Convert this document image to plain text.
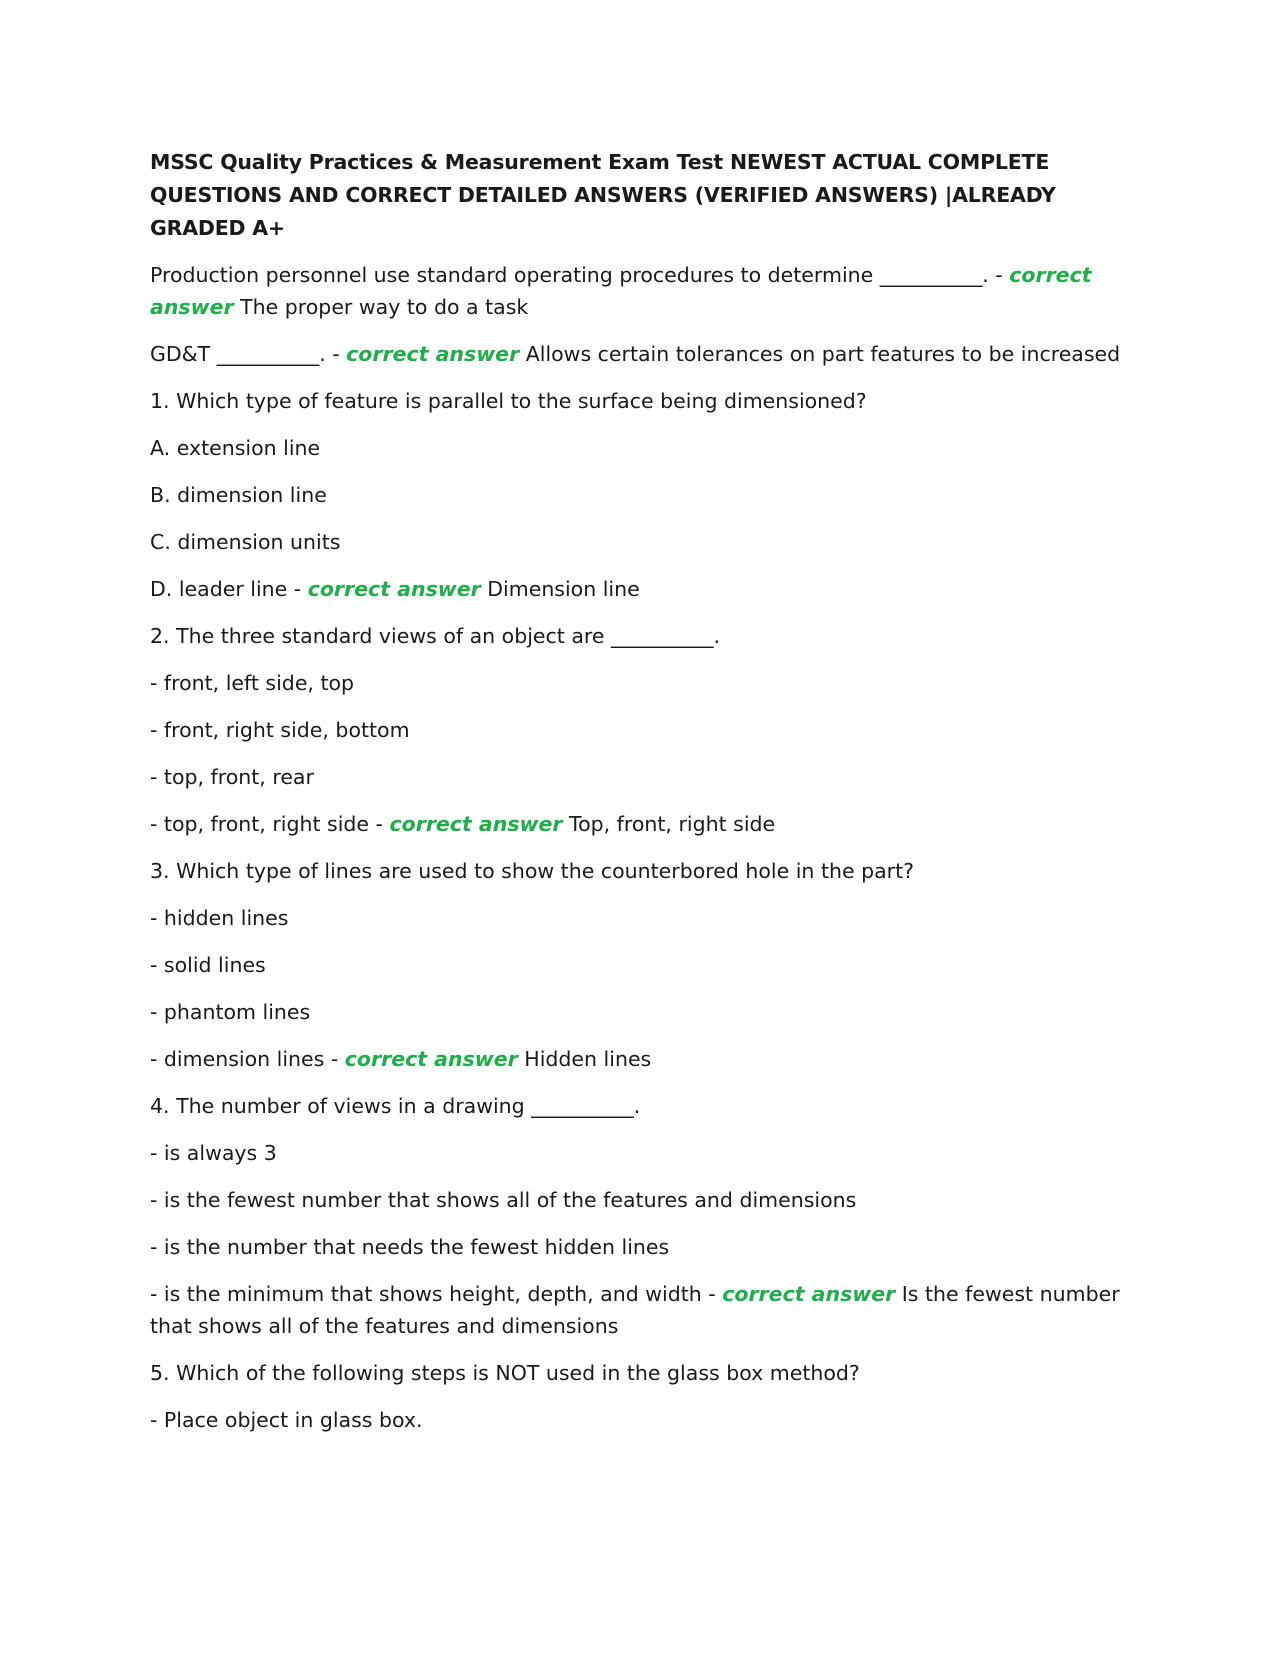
MSSC Quality Practices & Measurement Exam Test NEWEST ACTUAL COMPLETE QUESTIONS AND CORRECT DETAILED ANSWERS (VERIFIED ANSWERS) |ALREADY GRADED A+
Production personnel use standard operating procedures to determine __________. - correct answer The proper way to do a task
GD&T __________. - correct answer Allows certain tolerances on part features to be increased
1. Which type of feature is parallel to the surface being dimensioned?
A. extension line
B. dimension line
C. dimension units
D. leader line - correct answer Dimension line
2. The three standard views of an object are __________.
- front, left side, top
- front, right side, bottom
- top, front, rear
- top, front, right side - correct answer Top, front, right side
3. Which type of lines are used to show the counterbored hole in the part?
- hidden lines
- solid lines
- phantom lines
- dimension lines - correct answer Hidden lines
4. The number of views in a drawing __________.
- is always 3
- is the fewest number that shows all of the features and dimensions
- is the number that needs the fewest hidden lines
- is the minimum that shows height, depth, and width - correct answer Is the fewest number that shows all of the features and dimensions
5. Which of the following steps is NOT used in the glass box method?
- Place object in glass box.
